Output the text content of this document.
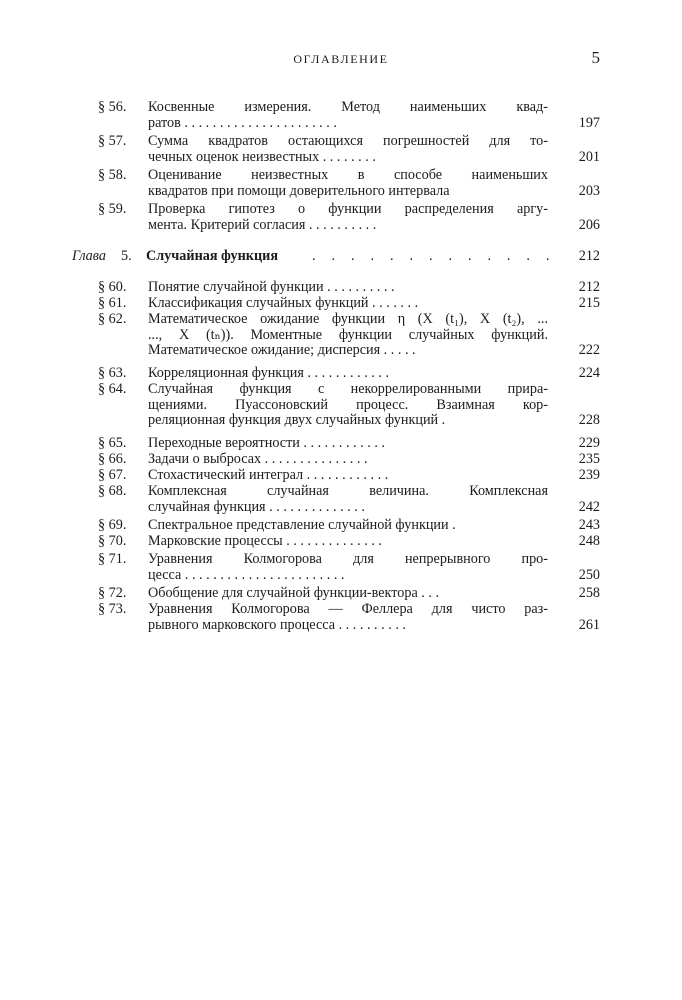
ОГЛАВЛЕНИЕ	5
§ 56.	Косвенные измерения. Метод наименьших квад-
ратов . . . . . . . . . . . . . . . . . . . . . .	197
§ 57.	Сумма квадратов остающихся погрешностей для то-
чечных оценок неизвестных . . . . . . . .	201
§ 58.	Оценивание неизвестных в способе наименьших
квадратов при помощи доверительного интервала	203
§ 59.	Проверка гипотез о функции распределения аргу-
мента. Критерий согласия . . . . . . . . . .	206
Глава 5. Случайная функция . . . . . . . . . . . . . 212
§ 60.	Понятие случайной функции . . . . . . . . . .	212
§ 61.	Классификация случайных функций . . . . . . .	215
§ 62.	Математическое ожидание функции η (X (t₁), X (t₂), ...
..., X (tₙ)). Моментные функции случайных функций.
Математическое ожидание; дисперсия . . . . .	222
§ 63.	Корреляционная функция . . . . . . . . . . . .	224
§ 64.	Случайная функция с некоррелированными прира-
щениями. Пуассоновский процесс. Взаимная кор-
реляционная функция двух случайных функций .	228
§ 65.	Переходные вероятности . . . . . . . . . . . .	229
§ 66.	Задачи о выбросах . . . . . . . . . . . . . . .	235
§ 67.	Стохастический интеграл . . . . . . . . . . . .	239
§ 68.	Комплексная случайная величина. Комплексная
случайная функция . . . . . . . . . . . . . .	242
§ 69.	Спектральное представление случайной функции .	243
§ 70.	Марковские процессы . . . . . . . . . . . . . .	248
§ 71.	Уравнения Колмогорова для непрерывного про-
цесса . . . . . . . . . . . . . . . . . . . . . . .	250
§ 72.	Обобщение для случайной функции-вектора . . .	258
§ 73.	Уравнения Колмогорова — Феллера для чисто раз-
рывного марковского процесса . . . . . . . . . .	261
